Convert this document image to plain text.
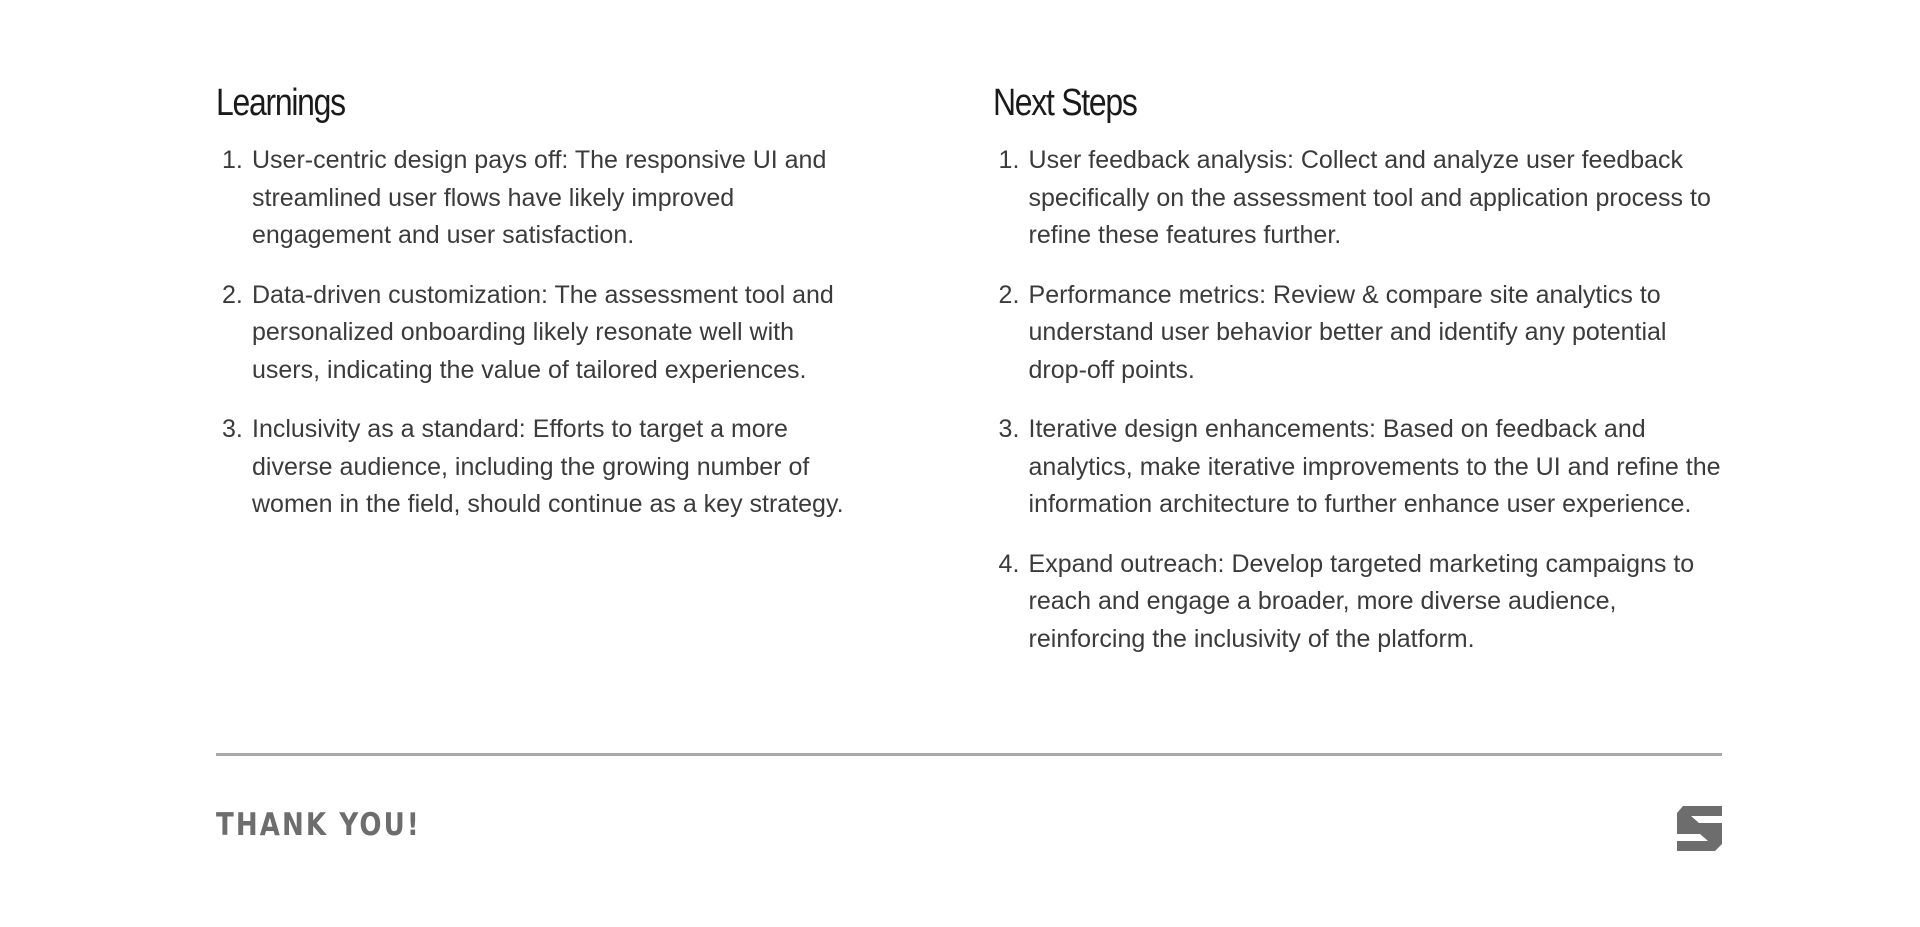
Learnings
User-centric design pays off: The responsive UI and streamlined user flows have likely improved engagement and user satisfaction.
Data-driven customization: The assessment tool and personalized onboarding likely resonate well with users, indicating the value of tailored experiences.
Inclusivity as a standard: Efforts to target a more diverse audience, including the growing number of women in the field, should continue as a key strategy.
Next Steps
User feedback analysis: Collect and analyze user feedback specifically on the assessment tool and application process to refine these features further.
Performance metrics: Review & compare site analytics to understand user behavior better and identify any potential drop-off points.
Iterative design enhancements: Based on feedback and analytics, make iterative improvements to the UI and refine the information architecture to further enhance user experience.
Expand outreach: Develop targeted marketing campaigns to reach and engage a broader, more diverse audience, reinforcing the inclusivity of the platform.
THANK YOU!
